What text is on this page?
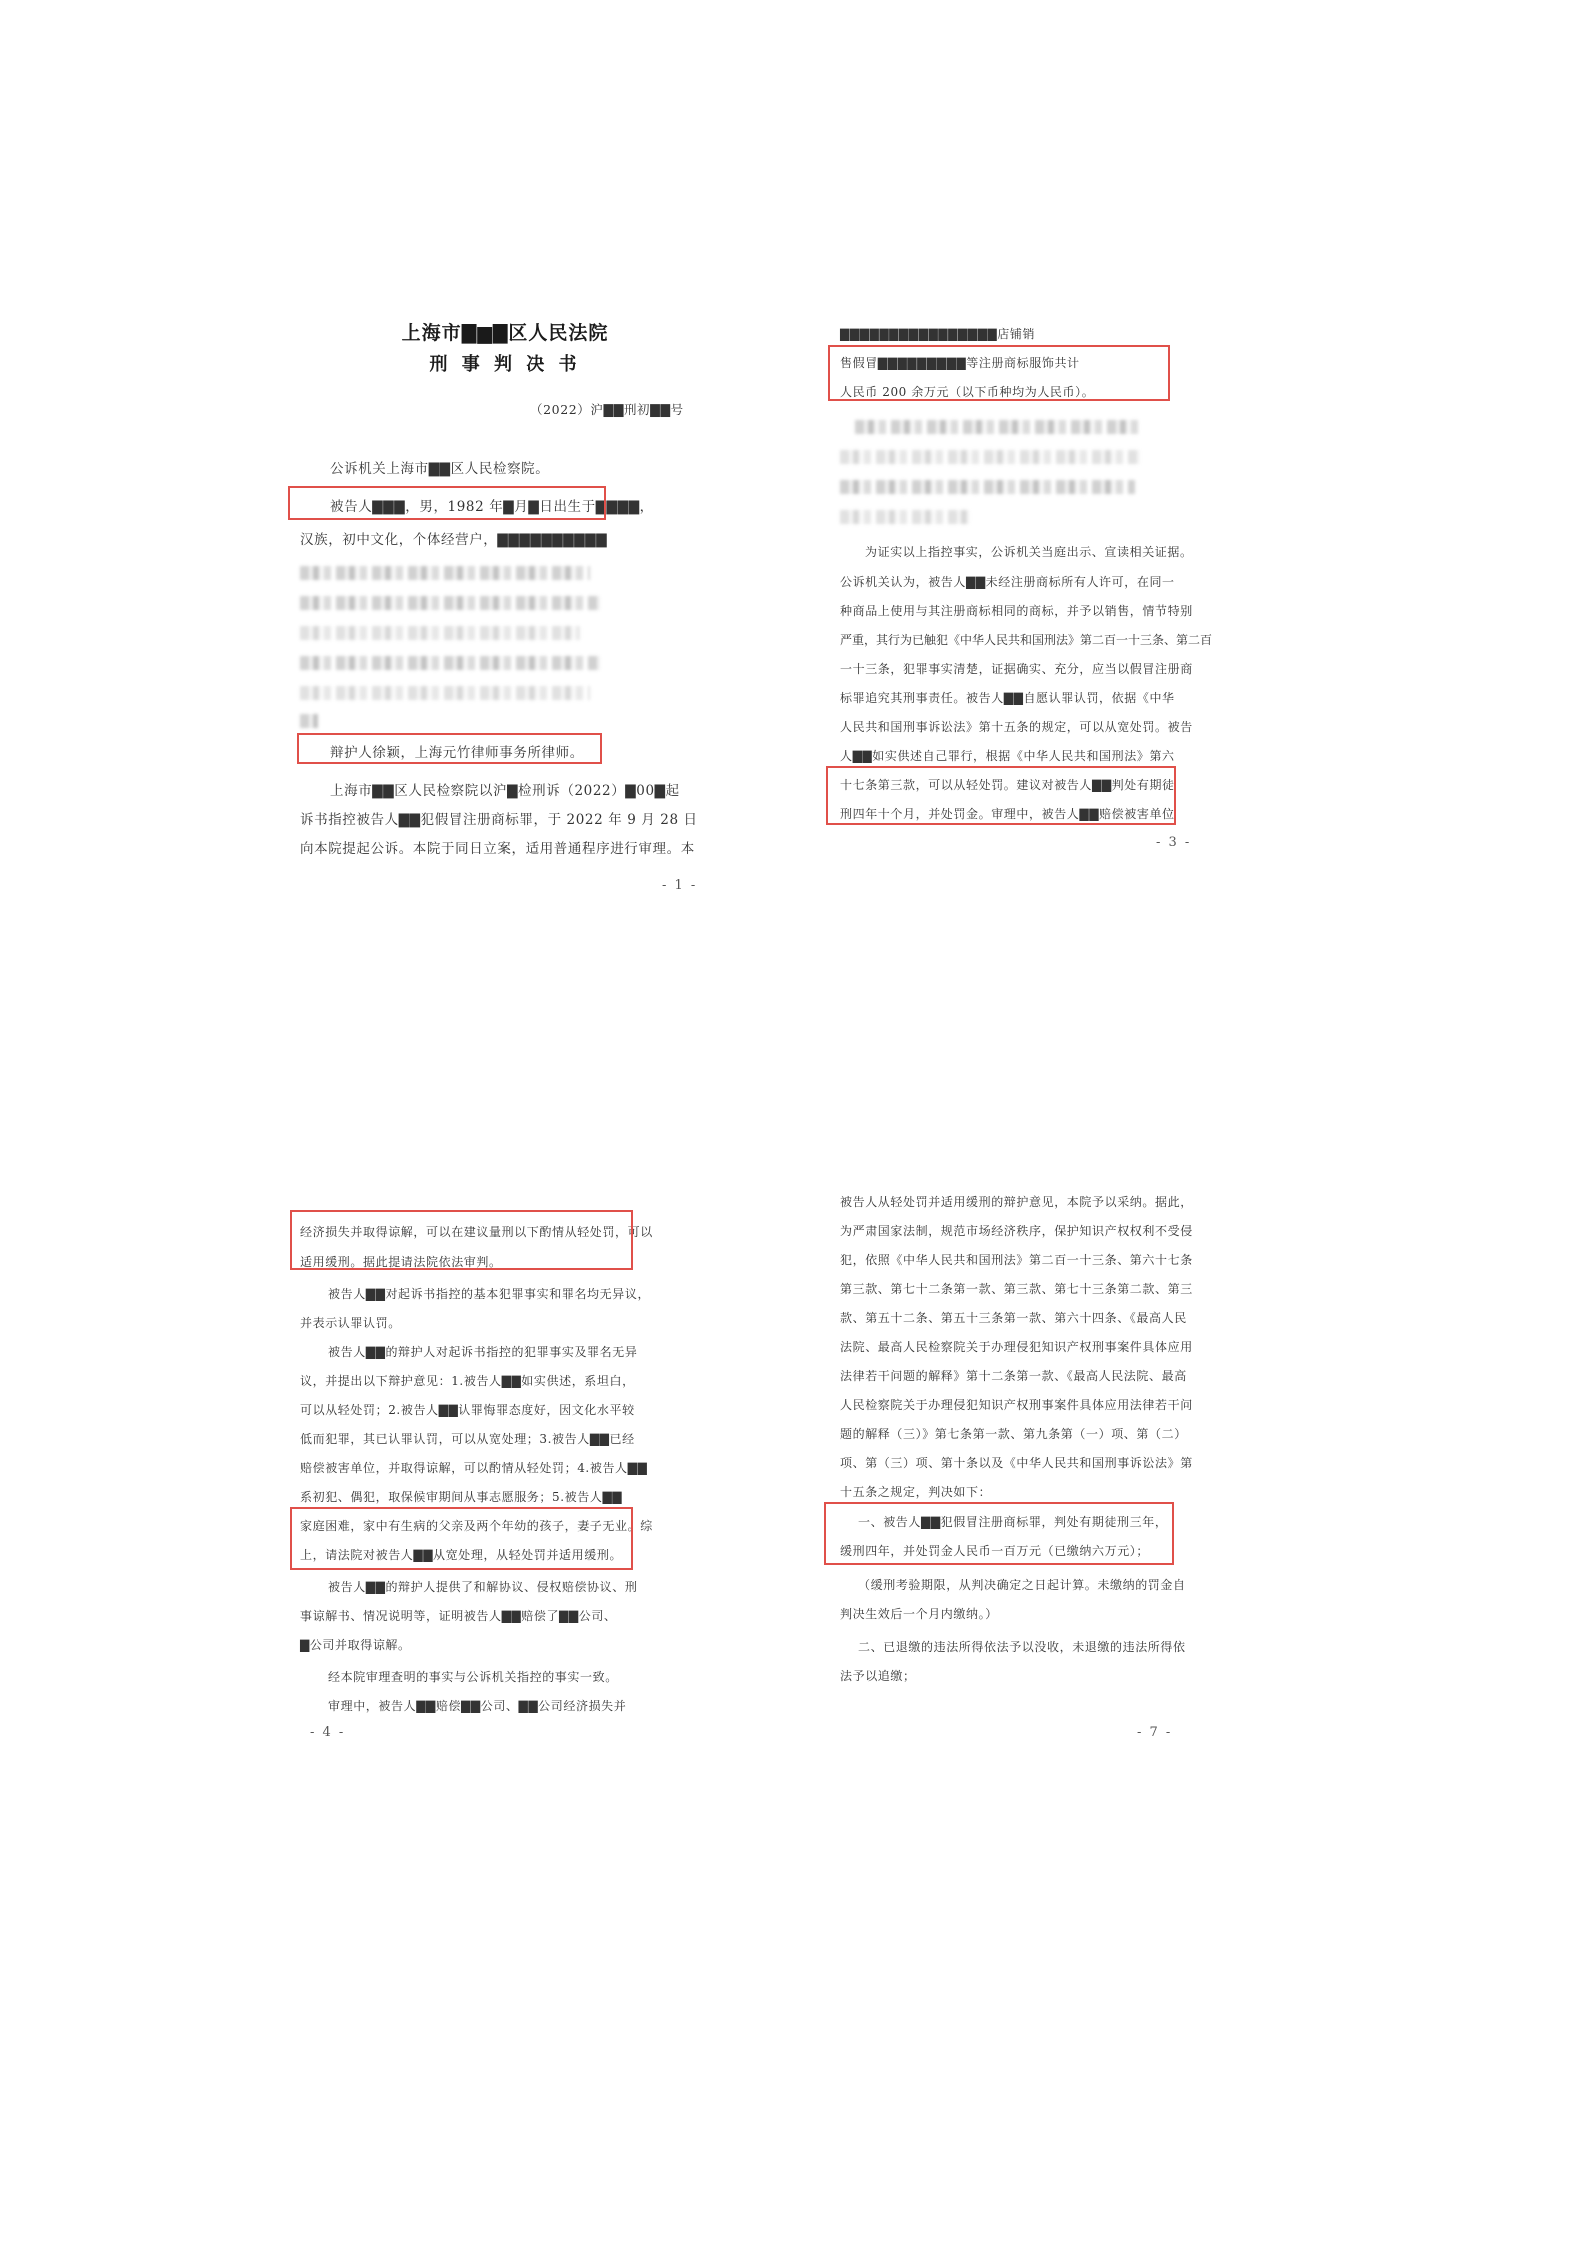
上海市▇▆▇区人民法院
刑 事 判 决 书
（2022）沪▇▇刑初▇▇号
公诉机关上海市▇▇区人民检察院。
被告人▇▇▇，男，1982 年▇月▇日出生于▇▇▇▇，
汉族，初中文化，个体经营户，▇▇▇▇▇▇▇▇▇▇
辩护人徐颖，上海元竹律师事务所律师。
上海市▇▇区人民检察院以沪▇检刑诉（2022）▇00▇起
诉书指控被告人▇▇犯假冒注册商标罪，于 2022 年 9 月 28 日
向本院提起公诉。本院于同日立案，适用普通程序进行审理。本
- 1 -
▇▇▇▇▇▇▇▇▇▇▇▇▇▇▇▇店铺销
售假冒▇▇▇▇▇▇▇▇▇等注册商标服饰共计
人民币 200 余万元（以下币种均为人民币）。
为证实以上指控事实，公诉机关当庭出示、宣读相关证据。
公诉机关认为，被告人▇▇未经注册商标所有人许可，在同一
种商品上使用与其注册商标相同的商标，并予以销售，情节特别
严重，其行为已触犯《中华人民共和国刑法》第二百一十三条、第二百
一十三条，犯罪事实清楚，证据确实、充分，应当以假冒注册商
标罪追究其刑事责任。被告人▇▇自愿认罪认罚，依据《中华
人民共和国刑事诉讼法》第十五条的规定，可以从宽处罚。被告
人▇▇如实供述自己罪行，根据《中华人民共和国刑法》第六
十七条第三款，可以从轻处罚。建议对被告人▇▇判处有期徒
刑四年十个月，并处罚金。审理中，被告人▇▇赔偿被害单位
- 3 -
经济损失并取得谅解，可以在建议量刑以下酌情从轻处罚，可以
适用缓刑。据此提请法院依法审判。
被告人▇▇对起诉书指控的基本犯罪事实和罪名均无异议，
并表示认罪认罚。
被告人▇▇的辩护人对起诉书指控的犯罪事实及罪名无异
议，并提出以下辩护意见：1.被告人▇▇如实供述，系坦白，
可以从轻处罚；2.被告人▇▇认罪悔罪态度好，因文化水平较
低而犯罪，其已认罪认罚，可以从宽处理；3.被告人▇▇已经
赔偿被害单位，并取得谅解，可以酌情从轻处罚；4.被告人▇▇
系初犯、偶犯，取保候审期间从事志愿服务；5.被告人▇▇
家庭困难，家中有生病的父亲及两个年幼的孩子，妻子无业。综
上，请法院对被告人▇▇从宽处理，从轻处罚并适用缓刑。
被告人▇▇的辩护人提供了和解协议、侵权赔偿协议、刑
事谅解书、情况说明等，证明被告人▇▇赔偿了▇▇公司、
▇公司并取得谅解。
经本院审理查明的事实与公诉机关指控的事实一致。
审理中，被告人▇▇赔偿▇▇公司、▇▇公司经济损失并
- 4 -
被告人从轻处罚并适用缓刑的辩护意见，本院予以采纳。据此，
为严肃国家法制，规范市场经济秩序，保护知识产权权利不受侵
犯，依照《中华人民共和国刑法》第二百一十三条、第六十七条
第三款、第七十二条第一款、第三款、第七十三条第二款、第三
款、第五十二条、第五十三条第一款、第六十四条、《最高人民
法院、最高人民检察院关于办理侵犯知识产权刑事案件具体应用
法律若干问题的解释》第十二条第一款、《最高人民法院、最高
人民检察院关于办理侵犯知识产权刑事案件具体应用法律若干问
题的解释（三）》第七条第一款、第九条第（一）项、第（二）
项、第（三）项、第十条以及《中华人民共和国刑事诉讼法》第
十五条之规定，判决如下：
一、被告人▇▇犯假冒注册商标罪，判处有期徒刑三年，
缓刑四年，并处罚金人民币一百万元（已缴纳六万元）；
（缓刑考验期限，从判决确定之日起计算。未缴纳的罚金自
判决生效后一个月内缴纳。）
二、已退缴的违法所得依法予以没收，未退缴的违法所得依
法予以追缴；
- 7 -
